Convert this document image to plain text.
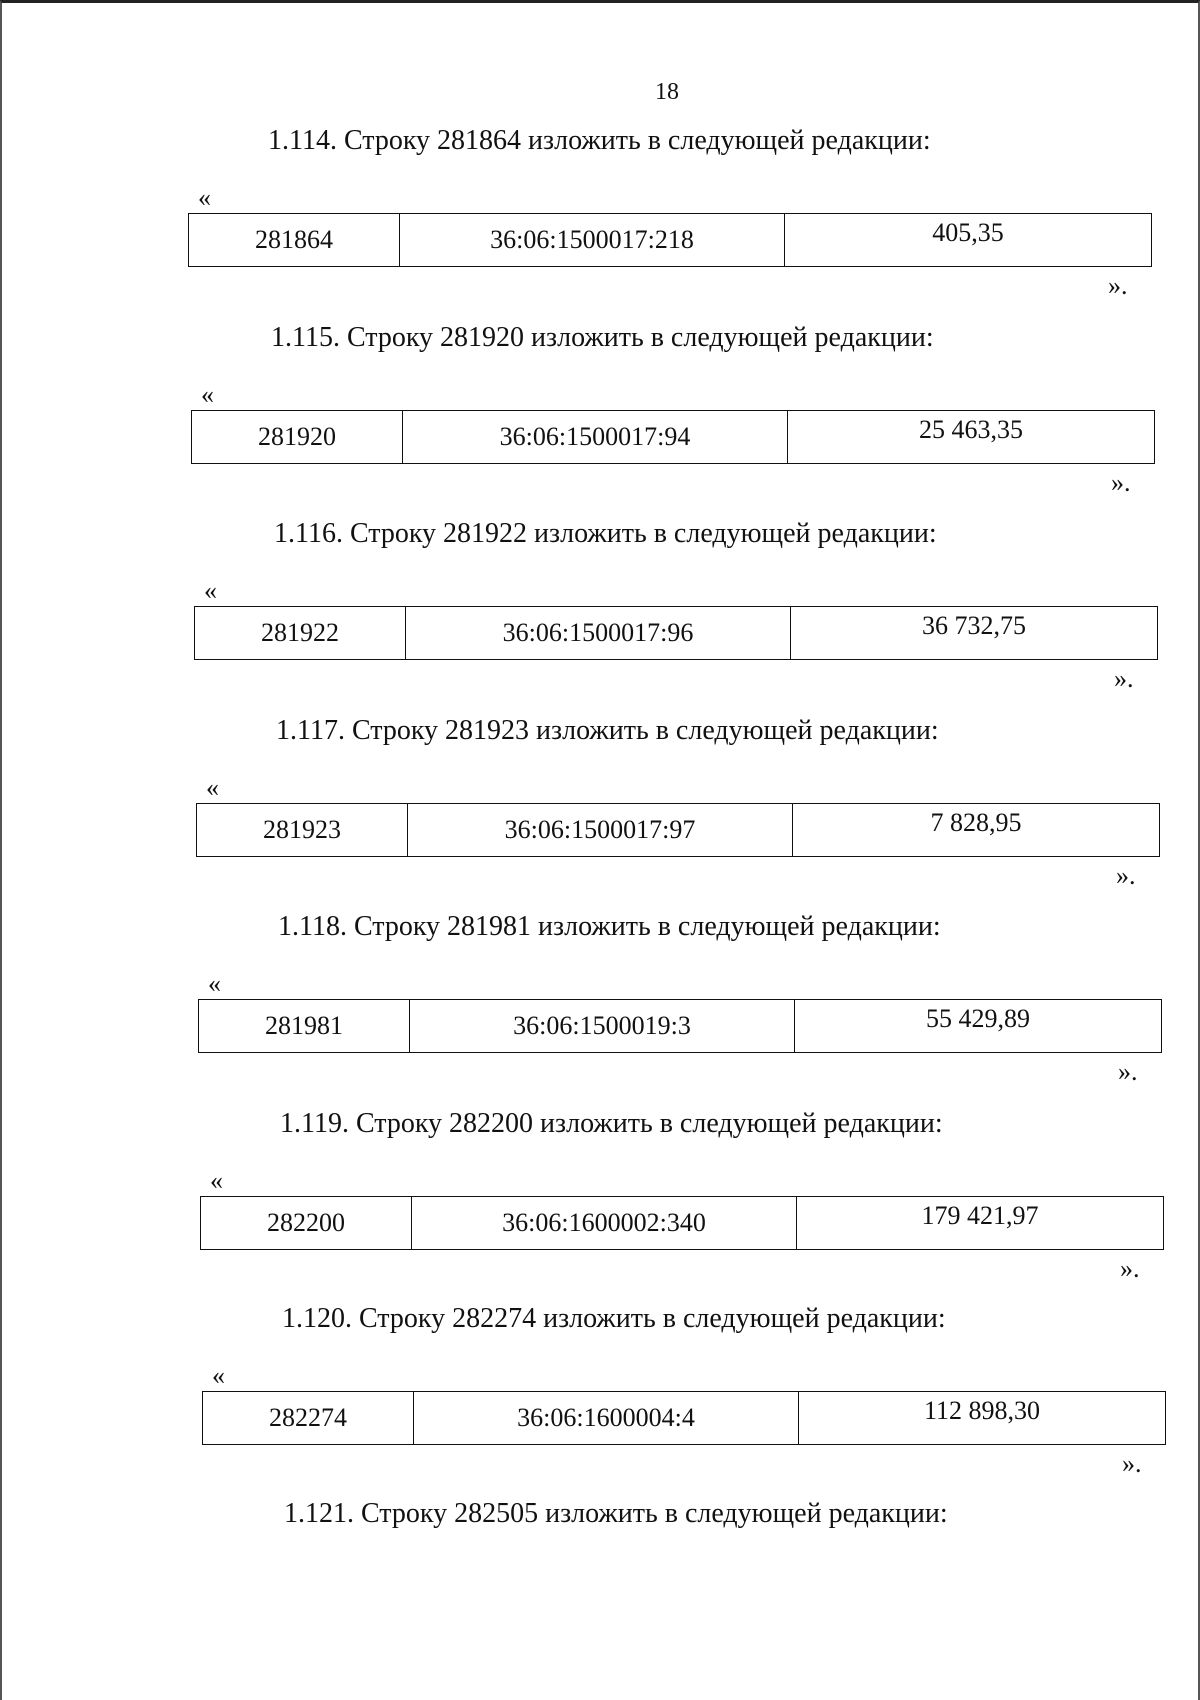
18
1.114. Строку 281864 изложить в следующей редакции:
«
281864	36:06:1500017:218	405,35
».
1.115. Строку 281920 изложить в следующей редакции:
«
281920	36:06:1500017:94	25 463,35
».
1.116. Строку 281922 изложить в следующей редакции:
«
281922	36:06:1500017:96	36 732,75
».
1.117. Строку 281923 изложить в следующей редакции:
«
281923	36:06:1500017:97	7 828,95
».
1.118. Строку 281981 изложить в следующей редакции:
«
281981	36:06:1500019:3	55 429,89
».
1.119. Строку 282200 изложить в следующей редакции:
«
282200	36:06:1600002:340	179 421,97
».
1.120. Строку 282274 изложить в следующей редакции:
«
282274	36:06:1600004:4	112 898,30
».
1.121. Строку 282505 изложить в следующей редакции:
